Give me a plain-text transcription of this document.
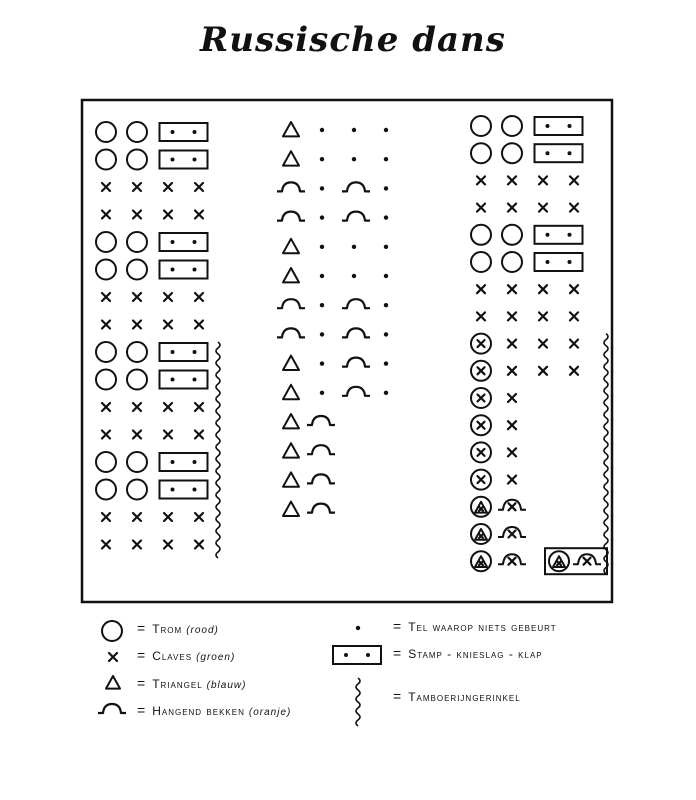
Russische dans
= Trom (rood)
= Claves (groen)
= Triangel (blauw)
= Hangend bekken (oranje)
= Tel waarop niets gebeurt
= Stamp - knieslag - klap
= Tamboerijngerinkel
